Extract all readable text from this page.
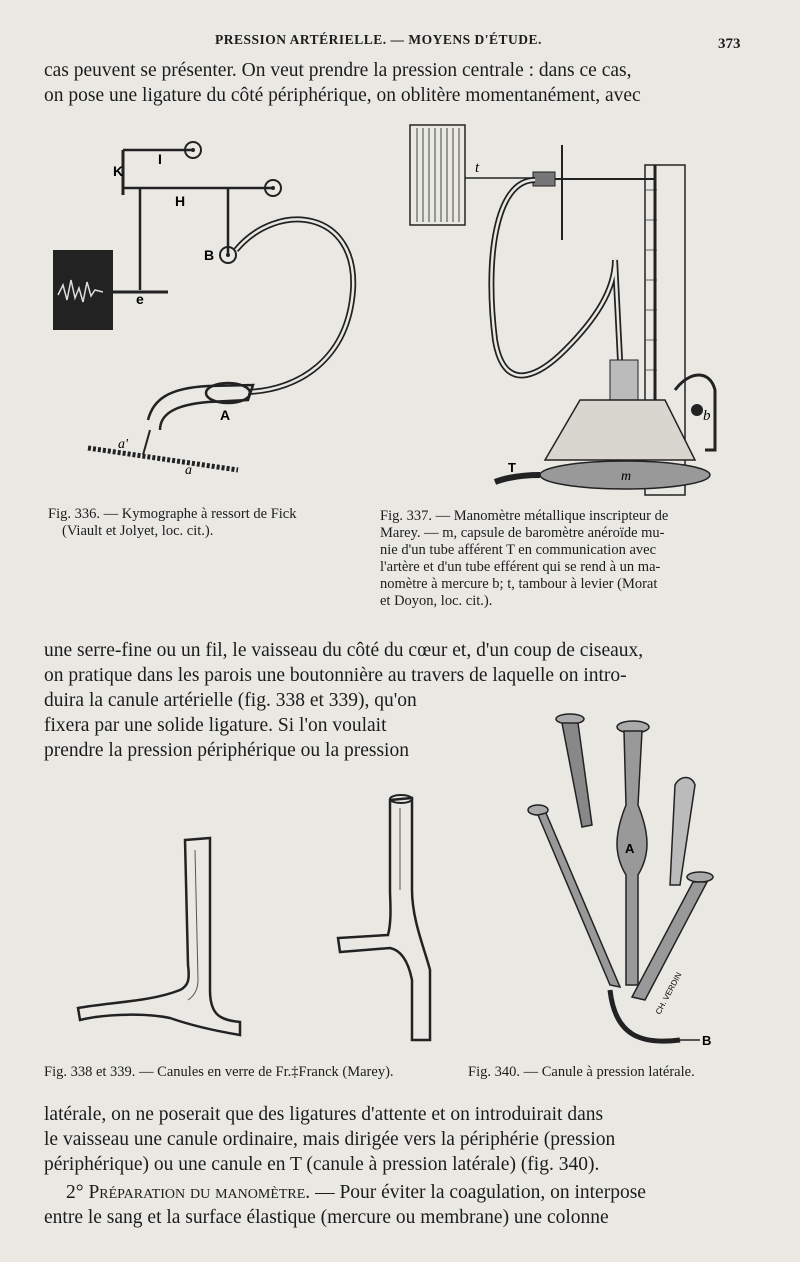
PRESSION ARTÉRIELLE. — MOYENS D'ÉTUDE.	373
cas peuvent se présenter. On veut prendre la pression centrale : dans ce cas,
on pose une ligature du côté périphérique, on oblitère momentanément, avec
K
I
H
B
e
A
a'
a
Fig. 336. — Kymographe à ressort de Fick
(Viault et Jolyet, loc. cit.).
t
b
m
T
Fig. 337. — Manomètre métallique inscripteur de
Marey. — m, capsule de baromètre anéroïde mu-
nie d'un tube afférent T en communication avec
l'artère et d'un tube efférent qui se rend à un ma-
nomètre à mercure b; t, tambour à levier (Morat
et Doyon, loc. cit.).
une serre-fine ou un fil, le vaisseau du côté du cœur et, d'un coup de ciseaux,
on pratique dans les parois une boutonnière au travers de laquelle on intro-
duira la canule artérielle (fig. 338 et 339), qu'on
fixera par une solide ligature. Si l'on voulait
prendre la pression périphérique ou la pression
A
B
CH. VERDIN
Fig. 338 et 339. — Canules en verre de Fr.‡Franck (Marey).	Fig. 340. — Canule à pression latérale.
latérale, on ne poserait que des ligatures d'attente et on introduirait dans
le vaisseau une canule ordinaire, mais dirigée vers la périphérie (pression
périphérique) ou une canule en T (canule à pression latérale) (fig. 340).
2° Préparation du manomètre. — Pour éviter la coagulation, on interpose
entre le sang et la surface élastique (mercure ou membrane) une colonne
